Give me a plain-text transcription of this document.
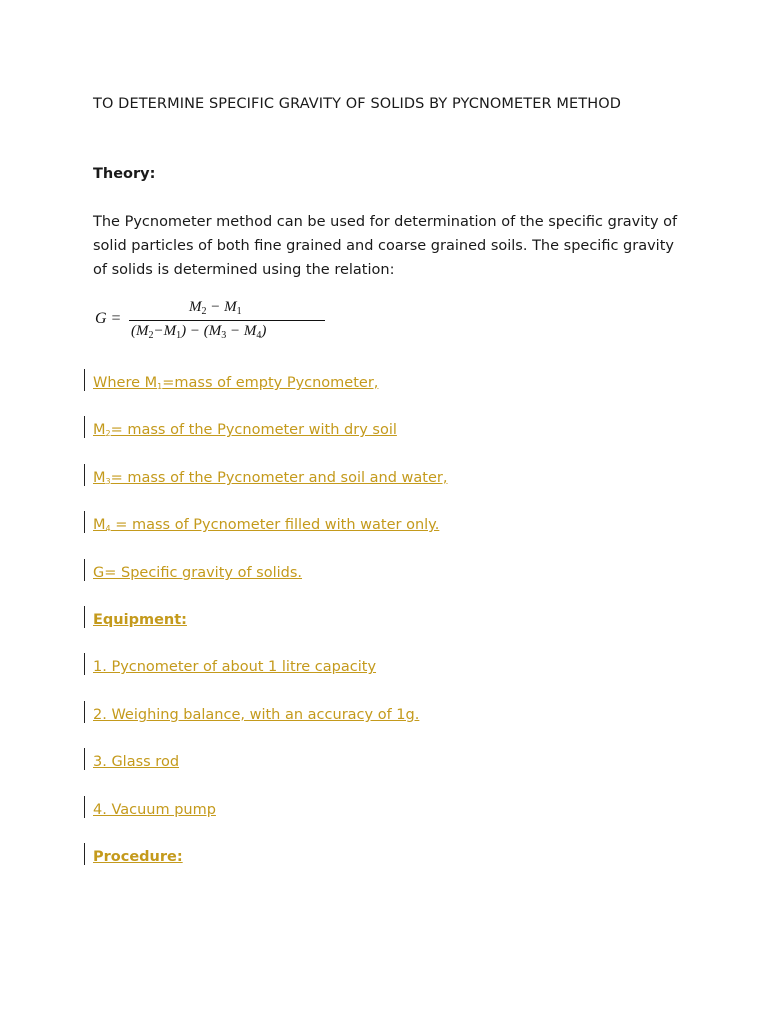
TO DETERMINE SPECIFIC GRAVITY OF SOLIDS BY PYCNOMETER METHOD
Theory:
The Pycnometer method can be used for determination of the specific gravity of solid particles of both fine grained and coarse grained soils. The specific gravity of solids is determined using the relation:
G =
$M_2 - M_1$
$(M_2-M_1) - (M_3 - M_4)$
Where $M_1=mass$ of empty Pycnometer,
$M_2=$ mass of the Pycnometer with dry soil
$M_3=$ mass of the Pycnometer and soil and water,
$M_4$ = mass of Pycnometer filled with water only.
G= Specific gravity of solids.
Equipment:
1. Pycnometer of about 1 litre capacity
2. Weighing balance, with an accuracy of 1g.
3. Glass rod
4. Vacuum pump
Procedure:
